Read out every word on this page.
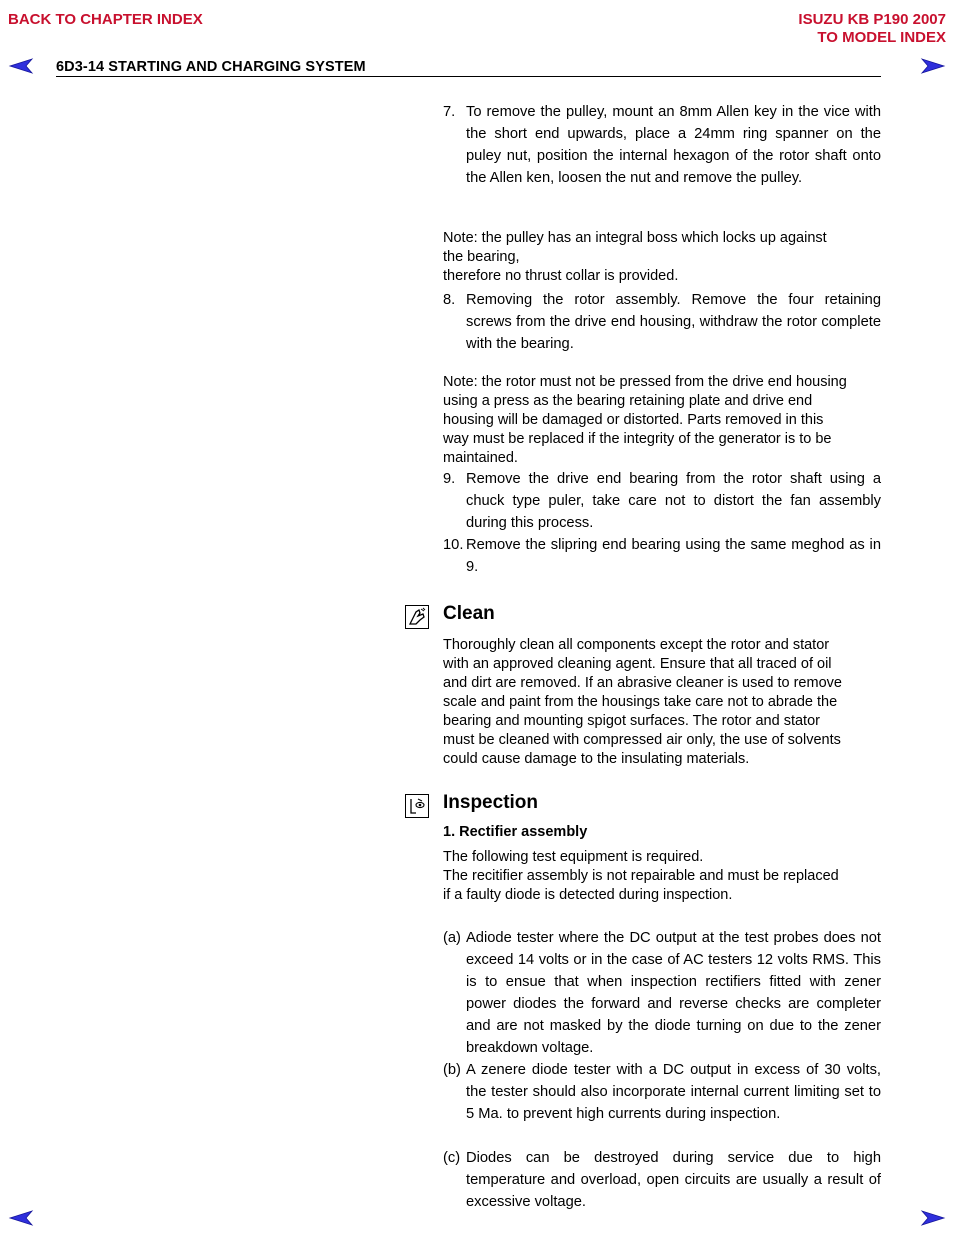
BACK TO CHAPTER INDEX	ISUZU KB P190 2007
TO MODEL INDEX
6D3-14 STARTING AND CHARGING SYSTEM
7. To remove the pulley, mount an 8mm Allen key in the vice with the short end upwards, place a 24mm ring spanner on the puley nut, position the internal hexagon of the rotor shaft onto the Allen ken, loosen the nut and remove the pulley.
Note: the pulley has an integral boss which locks up against
the bearing,
therefore no thrust collar is provided.
8. Removing the rotor assembly. Remove the four retaining screws from the drive end housing, withdraw the rotor complete with the bearing.
Note: the rotor must not be pressed from the drive end housing
using a press as the bearing retaining plate and drive end
housing will be damaged or distorted. Parts removed in this
way must be replaced if the integrity of the generator is to be
maintained.
9. Remove the drive end bearing from the rotor shaft using a chuck type puler, take care not to distort the fan assembly during this process.
10. Remove the slipring end bearing using the same meghod as in 9.
Clean
Thoroughly clean all components except the rotor and stator
with an approved cleaning agent. Ensure that all traced of oil
and dirt are removed. If an abrasive cleaner is used to remove
scale and paint from the housings take care not to abrade the
bearing and mounting spigot surfaces. The rotor and stator
must be cleaned with compressed air only, the use of solvents
could cause damage to the insulating materials.
Inspection
1. Rectifier assembly
The following test equipment is required.
The recitifier assembly is not repairable and must be replaced
if a faulty diode is detected during inspection.
(a) Adiode tester where the DC output at the test probes does not exceed 14 volts or in the case of AC testers 12 volts RMS. This is to ensue that when inspection rectifiers fitted with zener power diodes the forward and reverse checks are completer and are not masked by the diode turning on due to the zener breakdown voltage.
(b) A zenere diode tester with a DC output in excess of 30 volts, the tester should also incorporate internal current limiting set to 5 Ma. to prevent high currents during inspection.
(c) Diodes can be destroyed during service due to high temperature and overload, open circuits are usually a result of excessive voltage.
